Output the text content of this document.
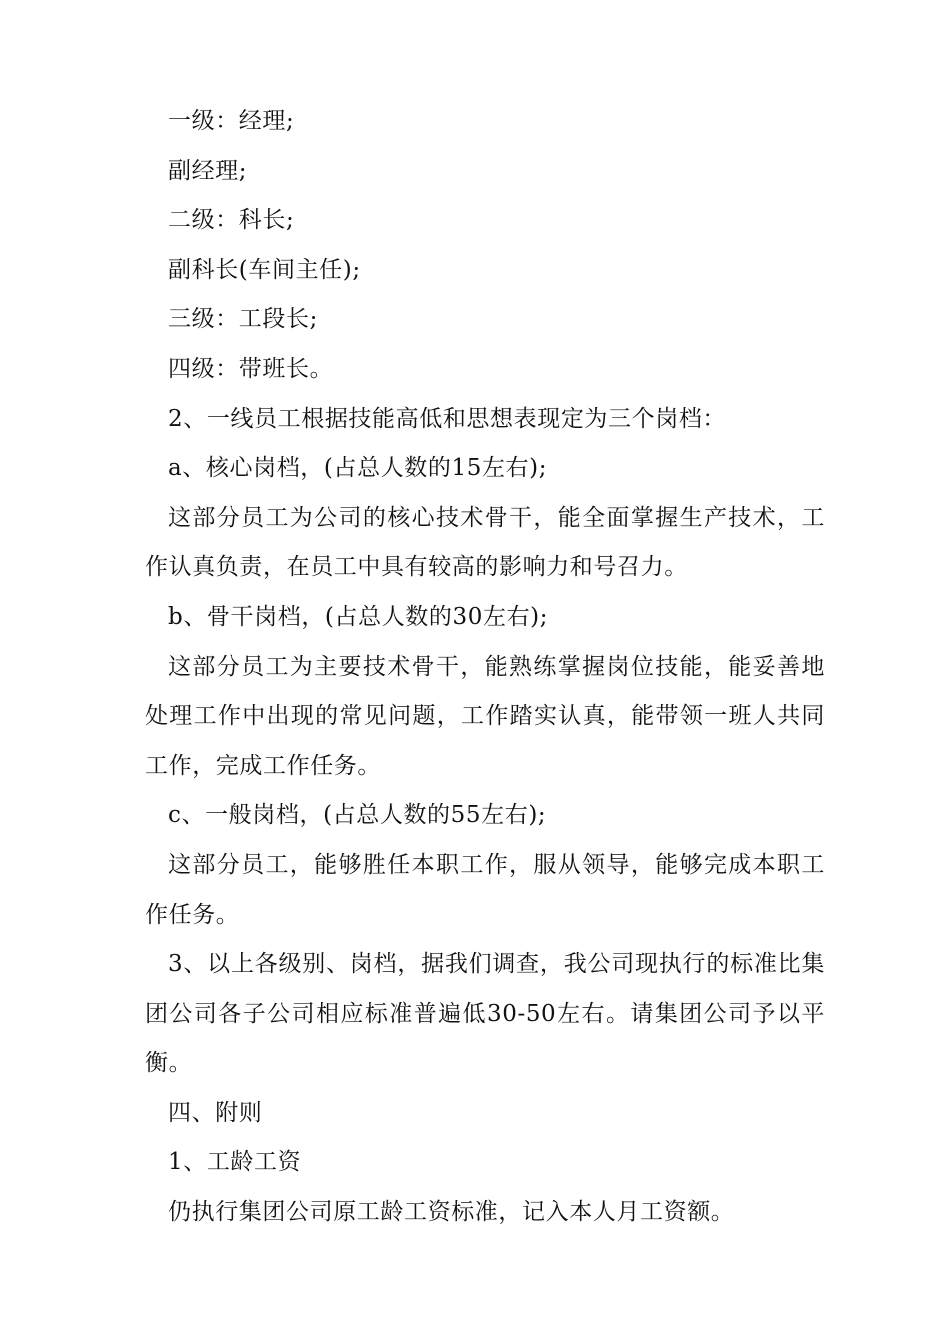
一级：经理;

副经理;

二级：科长;

副科长(车间主任);

三级：工段长;

四级：带班长。

2、一线员工根据技能高低和思想表现定为三个岗档：

a、核心岗档，(占总人数的15左右);

这部分员工为公司的核心技术骨干，能全面掌握生产技术，工作认真负责，在员工中具有较高的影响力和号召力。

b、骨干岗档，(占总人数的30左右);

这部分员工为主要技术骨干，能熟练掌握岗位技能，能妥善地处理工作中出现的常见问题，工作踏实认真，能带领一班人共同工作，完成工作任务。

c、一般岗档，(占总人数的55左右);

这部分员工，能够胜任本职工作，服从领导，能够完成本职工作任务。

3、以上各级别、岗档，据我们调查，我公司现执行的标准比集团公司各子公司相应标准普遍低30-50左右。请集团公司予以平衡。

四、附则

1、工龄工资

仍执行集团公司原工龄工资标准，记入本人月工资额。
